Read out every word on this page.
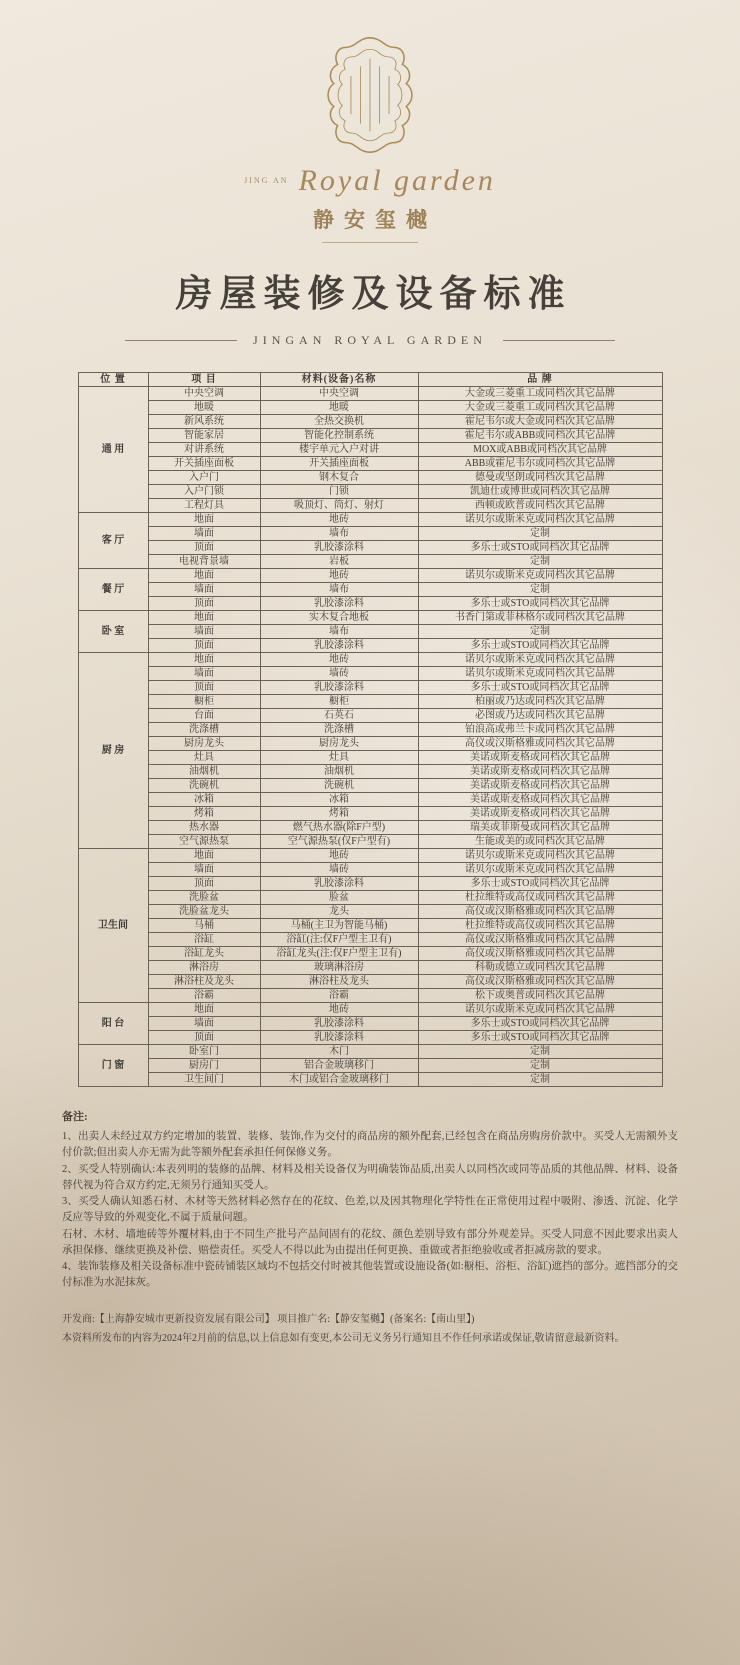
JING AN Royal garden
静安玺樾
房屋装修及设备标准
JINGAN ROYAL GARDEN
位 置	项 目	材料(设备)名称	品 牌
通 用	中央空调	中央空调	大金或三菱重工或同档次其它品牌
	地暖	地暖	大金或三菱重工或同档次其它品牌
	新风系统	全热交换机	霍尼韦尔或大金或同档次其它品牌
	智能家居	智能化控制系统	霍尼韦尔或ABB或同档次其它品牌
	对讲系统	楼宇单元入户对讲	MOX或ABB或同档次其它品牌
	开关插座面板	开关插座面板	ABB或霍尼韦尔或同档次其它品牌
	入户门	钢木复合	德曼或坚朗或同档次其它品牌
	入户门锁	门锁	凯迪仕或博世或同档次其它品牌
	工程灯具	吸顶灯、筒灯、射灯	西顿或欧普或同档次其它品牌
客 厅	地面	地砖	诺贝尔或斯米克或同档次其它品牌
	墙面	墙布	定制
	顶面	乳胶漆涂料	多乐士或STO或同档次其它品牌
	电视背景墙	岩板	定制
餐 厅	地面	地砖	诺贝尔或斯米克或同档次其它品牌
	墙面	墙布	定制
	顶面	乳胶漆涂料	多乐士或STO或同档次其它品牌
卧 室	地面	实木复合地板	书香门第或菲林格尔或同档次其它品牌
	墙面	墙布	定制
	顶面	乳胶漆涂料	多乐士或STO或同档次其它品牌
厨 房	地面	地砖	诺贝尔或斯米克或同档次其它品牌
	墙面	墙砖	诺贝尔或斯米克或同档次其它品牌
	顶面	乳胶漆涂料	多乐士或STO或同档次其它品牌
	橱柜	橱柜	柏丽或乃达或同档次其它品牌
	台面	石英石	必图或乃达或同档次其它品牌
	洗涤槽	洗涤槽	铂浪高或弗兰卡或同档次其它品牌
	厨房龙头	厨房龙头	高仪或汉斯格雅或同档次其它品牌
	灶具	灶具	美诺或斯麦格或同档次其它品牌
	油烟机	油烟机	美诺或斯麦格或同档次其它品牌
	洗碗机	洗碗机	美诺或斯麦格或同档次其它品牌
	冰箱	冰箱	美诺或斯麦格或同档次其它品牌
	烤箱	烤箱	美诺或斯麦格或同档次其它品牌
	热水器	燃气热水器(除F户型)	瑞美或菲斯曼或同档次其它品牌
	空气源热泵	空气源热泵(仅F户型有)	生能或美的或同档次其它品牌
卫生间	地面	地砖	诺贝尔或斯米克或同档次其它品牌
	墙面	墙砖	诺贝尔或斯米克或同档次其它品牌
	顶面	乳胶漆涂料	多乐士或STO或同档次其它品牌
	洗脸盆	脸盆	杜拉维特或高仪或同档次其它品牌
	洗脸盆龙头	龙头	高仪或汉斯格雅或同档次其它品牌
	马桶	马桶(主卫为智能马桶)	杜拉维特或高仪或同档次其它品牌
	浴缸	浴缸(注:仅F户型主卫有)	高仪或汉斯格雅或同档次其它品牌
	浴缸龙头	浴缸龙头(注:仅F户型主卫有)	高仪或汉斯格雅或同档次其它品牌
	淋浴房	玻璃淋浴房	科勒或德立或同档次其它品牌
	淋浴柱及龙头	淋浴柱及龙头	高仪或汉斯格雅或同档次其它品牌
	浴霸	浴霸	松下或奥普或同档次其它品牌
阳 台	地面	地砖	诺贝尔或斯米克或同档次其它品牌
	墙面	乳胶漆涂料	多乐士或STO或同档次其它品牌
	顶面	乳胶漆涂料	多乐士或STO或同档次其它品牌
门 窗	卧室门	木门	定制
	厨房门	铝合金玻璃移门	定制
	卫生间门	木门或铝合金玻璃移门	定制
备注:

1、出卖人未经过双方约定增加的装置、装修、装饰,作为交付的商品房的额外配套,已经包含在商品房购房价款中。买受人无需额外支付价款;但出卖人亦无需为此等额外配套承担任何保修义务。

2、买受人特别确认:本表列明的装修的品牌、材料及相关设备仅为明确装饰品质,出卖人以同档次或同等品质的其他品牌、材料、设备替代视为符合双方约定,无须另行通知买受人。

3、买受人确认知悉石材、木材等天然材料必然存在的花纹、色差,以及因其物理化学特性在正常使用过程中吸附、渗透、沉淀、化学反应等导致的外观变化,不属于质量问题。

石材、木材、墙地砖等外覆材料,由于不同生产批号产品间固有的花纹、颜色差别导致有部分外观差异。买受人同意不因此要求出卖人承担保修、继续更换及补偿、赔偿责任。买受人不得以此为由提出任何更换、重做或者拒绝验收或者拒减房款的要求。

4、装饰装修及相关设备标准中瓷砖铺装区域均不包括交付时被其他装置或设施设备(如:橱柜、浴柜、浴缸)遮挡的部分。遮挡部分的交付标准为水泥抹灰。

开发商:【上海静安城市更新投资发展有限公司】 项目推广名:【静安玺樾】(备案名:【南山里】)

本资料所发布的内容为2024年2月前的信息,以上信息如有变更,本公司无义务另行通知且不作任何承诺或保证,敬请留意最新资料。
